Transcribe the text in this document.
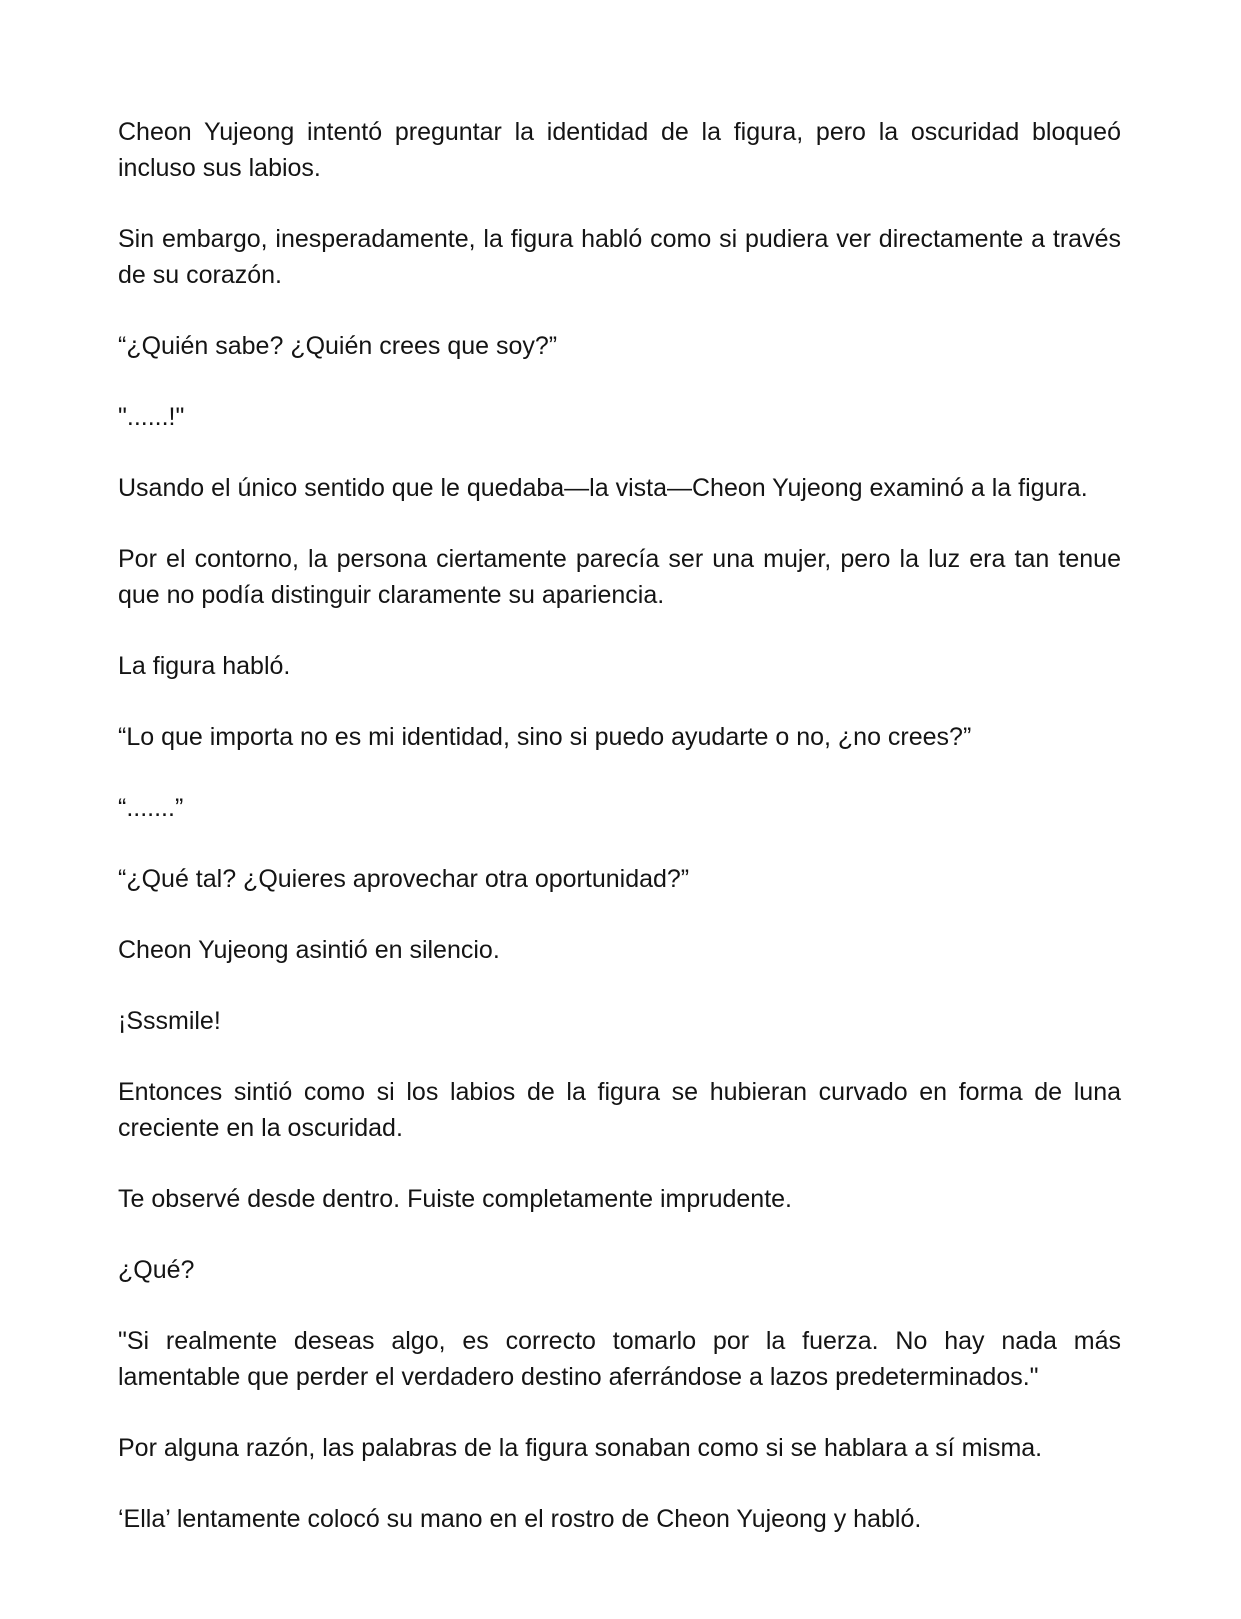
Cheon Yujeong intentó preguntar la identidad de la figura, pero la oscuridad bloqueó incluso sus labios.

Sin embargo, inesperadamente, la figura habló como si pudiera ver directamente a través de su corazón.

“¿Quién sabe? ¿Quién crees que soy?”

"......!"

Usando el único sentido que le quedaba—la vista—Cheon Yujeong examinó a la figura.

Por el contorno, la persona ciertamente parecía ser una mujer, pero la luz era tan tenue que no podía distinguir claramente su apariencia.

La figura habló.

“Lo que importa no es mi identidad, sino si puedo ayudarte o no, ¿no crees?”

“.......”

“¿Qué tal? ¿Quieres aprovechar otra oportunidad?”

Cheon Yujeong asintió en silencio.

¡Sssmile!

Entonces sintió como si los labios de la figura se hubieran curvado en forma de luna creciente en la oscuridad.

Te observé desde dentro. Fuiste completamente imprudente.

¿Qué?

"Si realmente deseas algo, es correcto tomarlo por la fuerza. No hay nada más lamentable que perder el verdadero destino aferrándose a lazos predeterminados."

Por alguna razón, las palabras de la figura sonaban como si se hablara a sí misma.

‘Ella’ lentamente colocó su mano en el rostro de Cheon Yujeong y habló.
